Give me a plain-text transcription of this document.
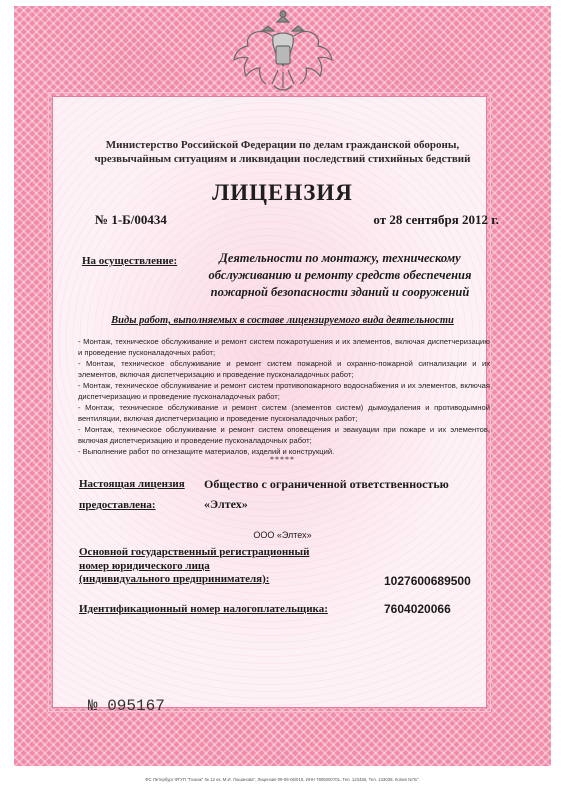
Министерство Российской Федерации по делам гражданской обороны, чрезвычайным ситуациям и ликвидации последствий стихийных бедствий
ЛИЦЕНЗИЯ
№ 1-Б/00434	от 28 сентября 2012 г.
На осуществление:	Деятельности по монтажу, техническому обслуживанию и ремонту средств обеспечения пожарной безопасности зданий и сооружений
Виды работ, выполняемых в составе лицензируемого вида деятельности
- Монтаж, техническое обслуживание и ремонт систем пожаротушения и их элементов, включая диспетчеризацию и проведение пусконаладочных работ;
- Монтаж, техническое обслуживание и ремонт систем пожарной и охранно-пожарной сигнализации и их элементов, включая диспетчеризацию и проведение пусконаладочных работ;
- Монтаж, техническое обслуживание и ремонт систем противопожарного водоснабжения и их элементов, включая диспетчеризацию и проведение пусконаладочных работ;
- Монтаж, техническое обслуживание и ремонт систем (элементов систем) дымоудаления и противодымной вентиляции, включая диспетчеризацию и проведение пусконаладочных работ;
- Монтаж, техническое обслуживание и ремонт систем оповещения и эвакуации при пожаре и их элементов, включая диспетчеризацию и проведение пусконаладочных работ;
- Выполнение работ по огнезащите материалов, изделий и конструкций.
*****
Настоящая лицензия
предоставлена:
Общество с ограниченной ответственностью
«Элтех»
ООО «Элтех»
Основной государственный регистрационный
номер юридического лица
(индивидуального предпринимателя):	1027600689500
Идентификационный номер налогоплательщика:	7604020066
№ 095167
ФС Петербург ФГУП "Гознак" № 12 ек. М.И. Лошанова". Лицензия 09-05-06/019, ИНН 7805000701. Тел. 123456, Тел. 133038. Копия №"Б".
